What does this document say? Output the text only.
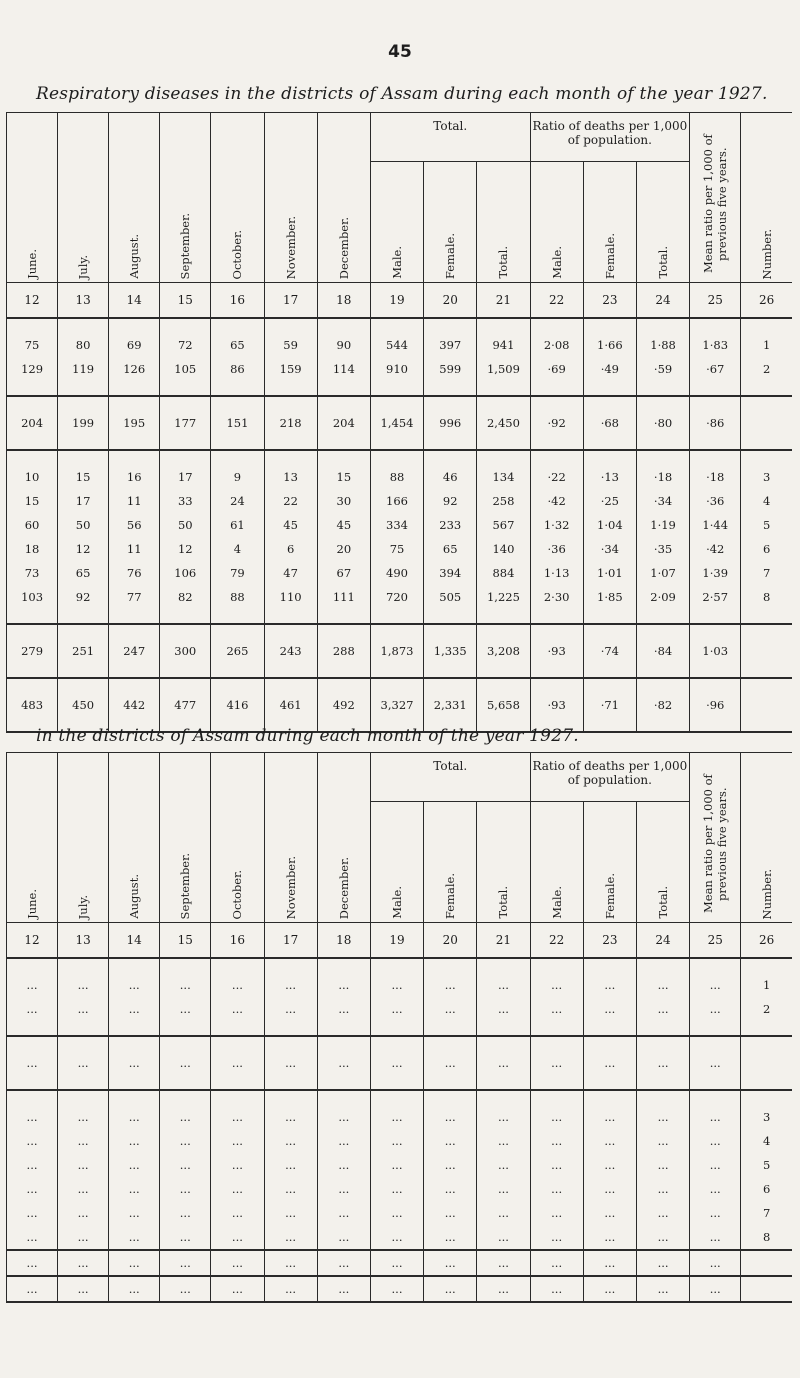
45
Respiratory diseases in the districts of Assam during each month of the year 1927.
June.	July.	August.	September.	October.	November.	December.	Total.			Ratio of deaths per 1,000 of population.			Mean ratio per 1,000 of previous five years.	Number.
							Male.	Female.	Total.	Male.	Female.	Total.		
12	13	14	15	16	17	18	19	20	21	22	23	24	25	26

75	80	69	72	65	59	90	544	397	941	2·08	1·66	1·88	1·83	1
129	119	126	105	86	159	114	910	599	1,509	·69	·49	·59	·67	2

204	199	195	177	151	218	204	1,454	996	2,450	·92	·68	·80	·86	

10	15	16	17	9	13	15	88	46	134	·22	·13	·18	·18	3
15	17	11	33	24	22	30	166	92	258	·42	·25	·34	·36	4
60	50	56	50	61	45	45	334	233	567	1·32	1·04	1·19	1·44	5
18	12	11	12	4	6	20	75	65	140	·36	·34	·35	·42	6
73	65	76	106	79	47	67	490	394	884	1·13	1·01	1·07	1·39	7
103	92	77	82	88	110	111	720	505	1,225	2·30	1·85	2·09	2·57	8

279	251	247	300	265	243	288	1,873	1,335	3,208	·93	·74	·84	1·03	

483	450	442	477	416	461	492	3,327	2,331	5,658	·93	·71	·82	·96	

in the districts of Assam during each month of the year 1927.
June.	July.	August.	September.	October.	November.	December.	Total.			Ratio of deaths per 1,000 of population.			Mean ratio per 1,000 of previous five years.	Number.
							Male.	Female.	Total.	Male.	Female.	Total.		
12	13	14	15	16	17	18	19	20	21	22	23	24	25	26

...	...	...	...	...	...	...	...	...	...	...	...	...	...	1
...	...	...	...	...	...	...	...	...	...	...	...	...	...	2

...	...	...	...	...	...	...	...	...	...	...	...	...	...	

...	...	...	...	...	...	...	...	...	...	...	...	...	...	3
...	...	...	...	...	...	...	...	...	...	...	...	...	...	4
...	...	...	...	...	...	...	...	...	...	...	...	...	...	5
...	...	...	...	...	...	...	...	...	...	...	...	...	...	6
...	...	...	...	...	...	...	...	...	...	...	...	...	...	7
...	...	...	...	...	...	...	...	...	...	...	...	...	...	8
...	...	...	...	...	...	...	...	...	...	...	...	...	...	
...	...	...	...	...	...	...	...	...	...	...	...	...	...	
